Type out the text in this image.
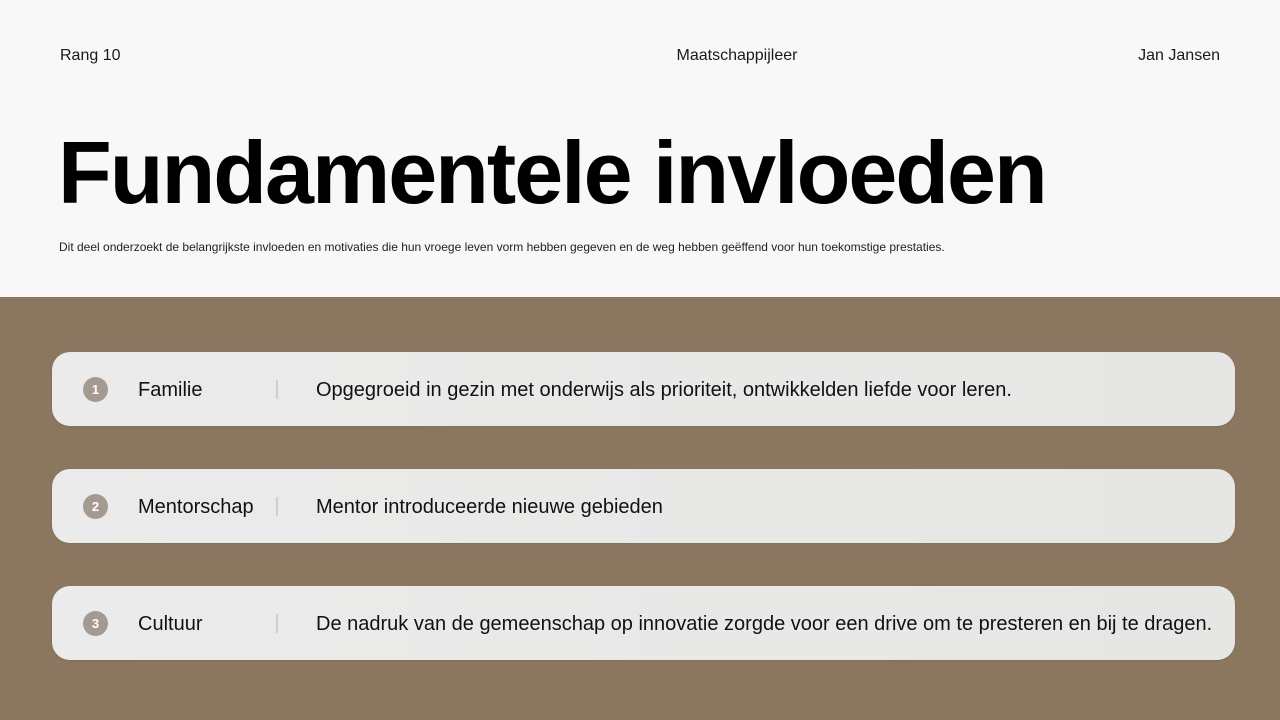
Rang 10	Maatschappijleer	Jan Jansen
Fundamentele invloeden

Dit deel onderzoekt de belangrijkste invloeden en motivaties die hun vroege leven vorm hebben gegeven en de weg hebben geëffend voor hun toekomstige prestaties.

1	Familie	Opgegroeid in gezin met onderwijs als prioriteit, ontwikkelden liefde voor leren.
2	Mentorschap	Mentor introduceerde nieuwe gebieden
3	Cultuur	De nadruk van de gemeenschap op innovatie zorgde voor een drive om te presteren en bij te dragen.
